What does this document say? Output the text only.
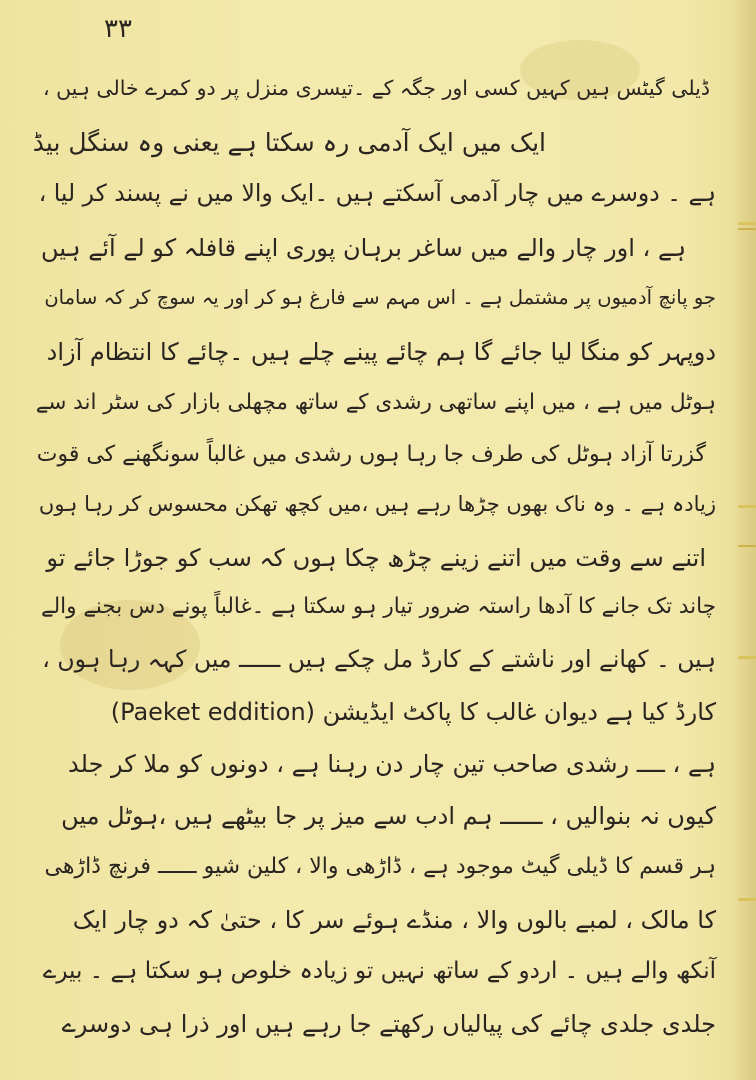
۳۳
ڈیلی گیٹس ہیں کہیں کسی اور جگہ کے ۔تیسری منزل پر دو کمرے خالی ہیں ،
ایک میں ایک آدمی رہ سکتا ہے یعنی وہ سنگل بیڈ
ہے ۔ دوسرے میں چار آدمی آسکتے ہیں ۔ایک والا میں نے پسند کر لیا ،
ہے ، اور چار والے میں ساغر برہان پوری اپنے قافلہ کو لے آئے ہیں
جو پانچ آدمیوں پر مشتمل ہے ۔ اس مہم سے فارغ ہو کر اور یہ سوچ کر کہ سامان
دوپہر کو منگا لیا جائے گا ہم چائے پینے چلے ہیں ۔چائے کا انتظام آزاد
ہوٹل میں ہے ، میں اپنے ساتھی رشدی کے ساتھ مچھلی بازار کی سٹر اند سے
گزرتا آزاد ہوٹل کی طرف جا رہا ہوں رشدی میں غالباً سونگھنے کی قوت
زیادہ ہے ۔ وہ ناک بھوں چڑھا رہے ہیں ،میں کچھ تھکن محسوس کر رہا ہوں
اتنے سے وقت میں اتنے زینے چڑھ چکا ہوں کہ سب کو جوڑا جائے تو
چاند تک جانے کا آدھا راستہ ضرور تیار ہو سکتا ہے ۔غالباً پونے دس بجنے والے
ہیں ۔ کھانے اور ناشتے کے کارڈ مل چکے ہیں ــــــ میں کہہ رہا ہوں ،
کارڈ کیا ہے دیوان غالب کا پاکٹ ایڈیشن (Paeket eddition)
ہے ، ــــ رشدی صاحب تین چار دن رہنا ہے ، دونوں کو ملا کر جلد
کیوں نہ بنوالیں ، ــــــ ہم ادب سے میز پر جا بیٹھے ہیں ،ہوٹل میں
ہر قسم کا ڈیلی گیٹ موجود ہے ، ڈاڑھی والا ، کلین شیو ــــــ فرنچ ڈاڑھی
کا مالک ، لمبے بالوں والا ، منڈے ہوئے سر کا ، حتیٰ کہ دو چار ایک
آنکھ والے ہیں ۔ اردو کے ساتھ نہیں تو زیادہ خلوص ہو سکتا ہے ۔ بیرے
جلدی جلدی چائے کی پیالیاں رکھتے جا رہے ہیں اور ذرا ہی دوسرے
